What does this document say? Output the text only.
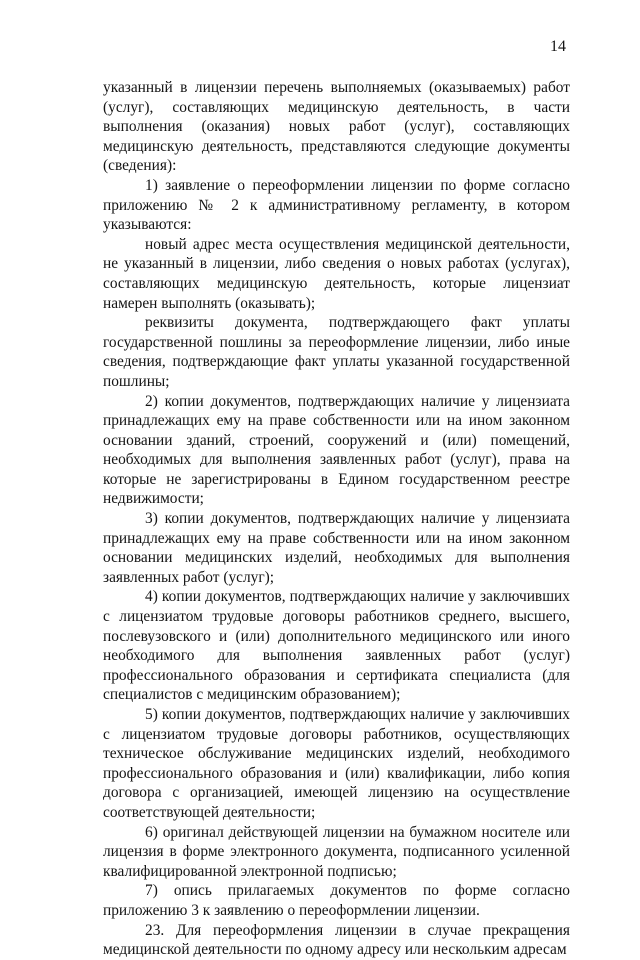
14

указанный в лицензии перечень выполняемых (оказываемых) работ (услуг), составляющих медицинскую деятельность, в части выполнения (оказания) новых работ (услуг), составляющих медицинскую деятельность, представляются следующие документы (сведения):

1) заявление о переоформлении лицензии по форме согласно приложению № 2 к административному регламенту, в котором указываются:

новый адрес места осуществления медицинской деятельности, не указанный в лицензии, либо сведения о новых работах (услугах), составляющих медицинскую деятельность, которые лицензиат намерен выполнять (оказывать);

реквизиты документа, подтверждающего факт уплаты государственной пошлины за переоформление лицензии, либо иные сведения, подтверждающие факт уплаты указанной государственной пошлины;

2) копии документов, подтверждающих наличие у лицензиата принадлежащих ему на праве собственности или на ином законном основании зданий, строений, сооружений и (или) помещений, необходимых для выполнения заявленных работ (услуг), права на которые не зарегистрированы в Едином государственном реестре недвижимости;

3) копии документов, подтверждающих наличие у лицензиата принадлежащих ему на праве собственности или на ином законном основании медицинских изделий, необходимых для выполнения заявленных работ (услуг);

4) копии документов, подтверждающих наличие у заключивших с лицензиатом трудовые договоры работников среднего, высшего, послевузовского и (или) дополнительного медицинского или иного необходимого для выполнения заявленных работ (услуг) профессионального образования и сертификата специалиста (для специалистов с медицинским образованием);

5) копии документов, подтверждающих наличие у заключивших с лицензиатом трудовые договоры работников, осуществляющих техническое обслуживание медицинских изделий, необходимого профессионального образования и (или) квалификации, либо копия договора с организацией, имеющей лицензию на осуществление соответствующей деятельности;

6) оригинал действующей лицензии на бумажном носителе или лицензия в форме электронного документа, подписанного усиленной квалифицированной электронной подписью;

7) опись прилагаемых документов по форме согласно приложению 3 к заявлению о переоформлении лицензии.

23. Для переоформления лицензии в случае прекращения медицинской деятельности по одному адресу или нескольким адресам
